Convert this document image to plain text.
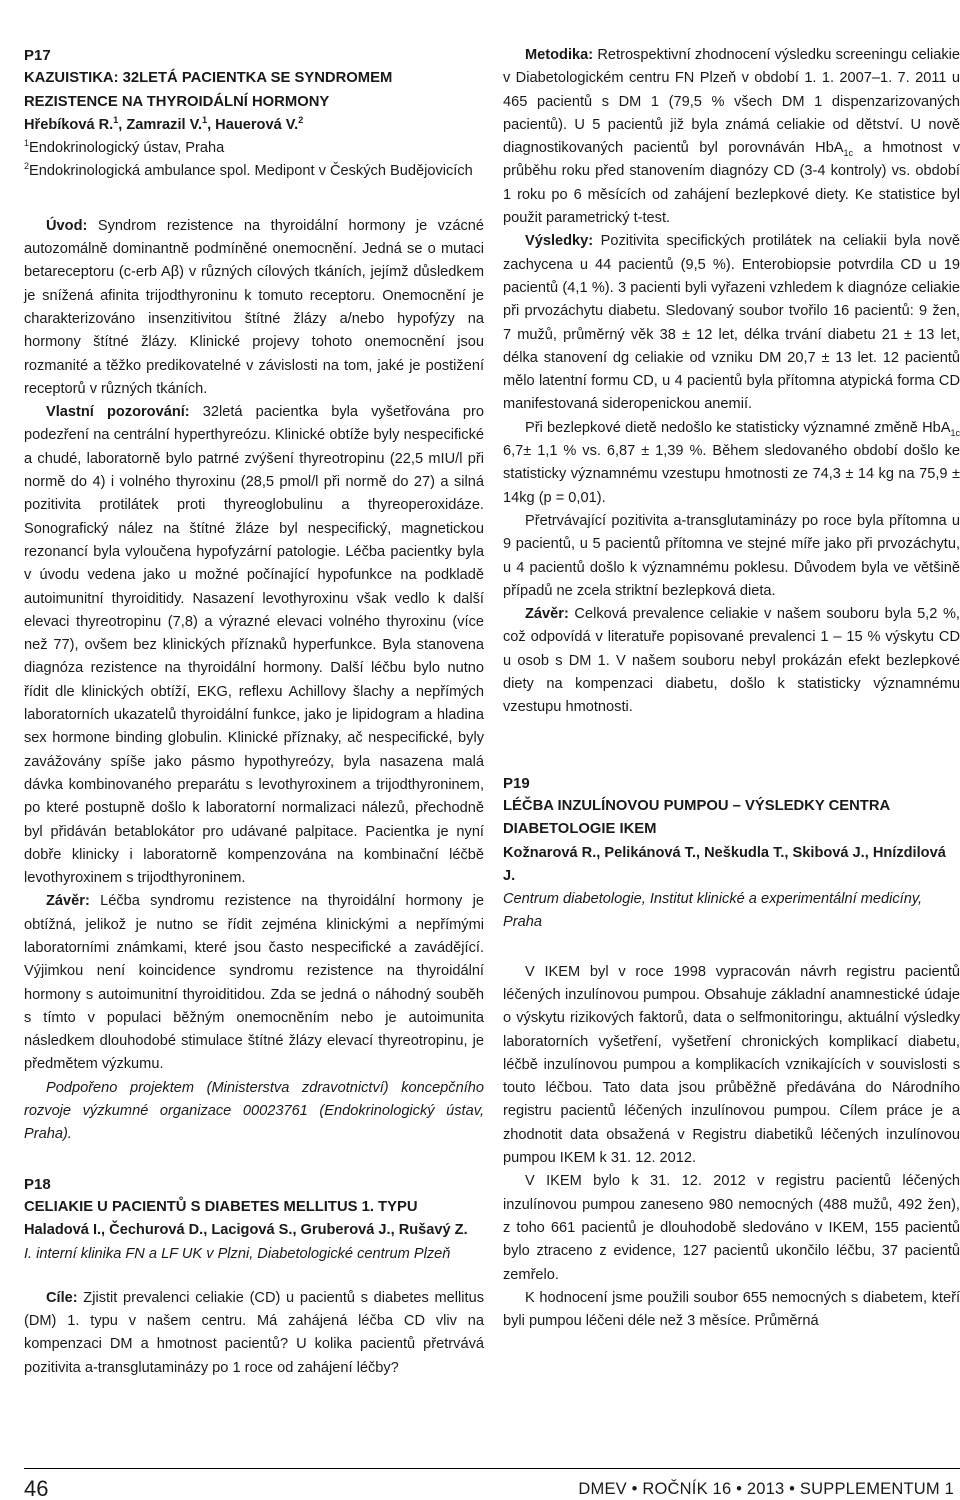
P17
KAZUISTIKA: 32LETÁ PACIENTKA SE SYNDROMEM REZISTENCE NA THYROIDÁLNÍ HORMONY
Hřebíková R.$^1$, Zamrazil V.$^1$, Hauerová V.$^2$
$^1$Endokrinologický ústav, Praha
$^2$Endokrinologická ambulance spol. Medipont v Českých Budějovicích

Úvod: Syndrom rezistence na thyroidální hormony je vzácné autozomálně dominantně podmíněné onemocnění. Jedná se o mutaci betareceptoru (c-erb Aβ) v různých cílových tkáních, jejímž důsledkem je snížená afinita trijodthyroninu k tomuto receptoru. Onemocnění je charakterizováno insenzitivitou štítné žlázy a/nebo hypofýzy na hormony štítné žlázy. Klinické projevy tohoto onemocnění jsou rozmanité a těžko predikovatelné v závislosti na tom, jaké je postižení receptorů v různých tkáních.

Vlastní pozorování: 32letá pacientka byla vyšetřována pro podezření na centrální hyperthyreózu. Klinické obtíže byly nespecifické a chudé, laboratorně bylo patrné zvýšení thyreotropinu (22,5 mIU/l při normě do 4) i volného thyroxinu (28,5 pmol/l při normě do 27) a silná pozitivita protilátek proti thyreoglobulinu a thyreoperoxidáze. Sonografický nález na štítné žláze byl nespecifický, magnetickou rezonancí byla vyloučena hypofyzární patologie. Léčba pacientky byla v úvodu vedena jako u možné počínající hypofunkce na podkladě autoimunitní thyroiditidy. Nasazení levothyroxinu však vedlo k další elevaci thyreotropinu (7,8) a výrazné elevaci volného thyroxinu (více než 77), ovšem bez klinických příznaků hyperfunkce. Byla stanovena diagnóza rezistence na thyroidální hormony. Další léčbu bylo nutno řídit dle klinických obtíží, EKG, reflexu Achillovy šlachy a nepřímých laboratorních ukazatelů thyroidální funkce, jako je lipidogram a hladina sex hormone binding globulin. Klinické příznaky, ač nespecifické, byly zavážovány spíše jako pásmo hypothyreózy, byla nasazena malá dávka kombinovaného preparátu s levothyroxinem a trijodthyroninem, po které postupně došlo k laboratorní normalizaci nálezů, přechodně byl přidáván betablokátor pro udávané palpitace. Pacientka je nyní dobře klinicky i laboratorně kompenzována na kombinační léčbě levothyroxinem s trijodthyroninem.

Závěr: Léčba syndromu rezistence na thyroidální hormony je obtížná, jelikož je nutno se řídit zejména klinickými a nepřímými laboratorními známkami, které jsou často nespecifické a zavádějící. Výjimkou není koincidence syndromu rezistence na thyroidální hormony s autoimunitní thyroiditidou. Zda se jedná o náhodný souběh s tímto v populaci běžným onemocněním nebo je autoimunita následkem dlouhodobé stimulace štítné žlázy elevací thyreotropinu, je předmětem výzkumu.

Podpořeno projektem (Ministerstva zdravotnictví) koncepčního rozvoje výzkumné organizace 00023761 (Endokrinologický ústav, Praha).

P18
CELIAKIE U PACIENTŮ S DIABETES MELLITUS 1. TYPU
Haladová I., Čechurová D., Lacigová S., Gruberová J., Rušavý Z.
I. interní klinika FN a LF UK v Plzni, Diabetologické centrum Plzeň

Cíle: Zjistit prevalenci celiakie (CD) u pacientů s diabetes mellitus (DM) 1. typu v našem centru. Má zahájená léčba CD vliv na kompenzaci DM a hmotnost pacientů? U kolika pacientů přetrvává pozitivita a-transglutaminázy po 1 roce od zahájení léčby?

Metodika: Retrospektivní zhodnocení výsledku screeningu celiakie v Diabetologickém centru FN Plzeň v období 1. 1. 2007–1. 7. 2011 u 465 pacientů s DM 1 (79,5 % všech DM 1 dispenzarizovaných pacientů). U 5 pacientů již byla známá celiakie od dětství. U nově diagnostikovaných pacientů byl porovnáván HbA$_{1c}$ a hmotnost v průběhu roku před stanovením diagnózy CD (3-4 kontroly) vs. období 1 roku po 6 měsících od zahájení bezlepkové diety. Ke statistice byl použit parametrický t-test.

Výsledky: Pozitivita specifických protilátek na celiakii byla nově zachycena u 44 pacientů (9,5 %). Enterobiopsie potvrdila CD u 19 pacientů (4,1 %). 3 pacienti byli vyřazeni vzhledem k diagnóze celiakie při prvozáchytu diabetu. Sledovaný soubor tvořilo 16 pacientů: 9 žen, 7 mužů, průměrný věk 38 ± 12 let, délka trvání diabetu 21 ± 13 let, délka stanovení dg celiakie od vzniku DM 20,7 ± 13 let. 12 pacientů mělo latentní formu CD, u 4 pacientů byla přítomna atypická forma CD manifestovaná sideropenickou anemií.

Při bezlepkové dietě nedošlo ke statisticky významné změně HbA$_{1c}$ 6,7± 1,1 % vs. 6,87 ± 1,39 %. Během sledovaného období došlo ke statisticky významnému vzestupu hmotnosti ze 74,3 ± 14 kg na 75,9 ± 14kg (p = 0,01).

Přetrvávající pozitivita a-transglutaminázy po roce byla přítomna u 9 pacientů, u 5 pacientů přítomna ve stejné míře jako při prvozáchytu, u 4 pacientů došlo k významnému poklesu. Důvodem byla ve většině případů ne zcela striktní bezlepková dieta.

Závěr: Celková prevalence celiakie v našem souboru byla 5,2 %, což odpovídá v literatuře popisované prevalenci 1 – 15 % výskytu CD u osob s DM 1. V našem souboru nebyl prokázán efekt bezlepkové diety na kompenzaci diabetu, došlo k statisticky významnému vzestupu hmotnosti.

P19
LÉČBA INZULÍNOVOU PUMPOU – VÝSLEDKY CENTRA DIABETOLOGIE IKEM
Kožnarová R., Pelikánová T., Neškudla T., Skibová J., Hnízdilová J.
Centrum diabetologie, Institut klinické a experimentální medicíny, Praha

V IKEM byl v roce 1998 vypracován návrh registru pacientů léčených inzulínovou pumpou. Obsahuje základní anamnestické údaje o výskytu rizikových faktorů, data o selfmonitoringu, aktuální výsledky laboratorních vyšetření, vyšetření chronických komplikací diabetu, léčbě inzulínovou pumpou a komplikacích vznikajících v souvislosti s touto léčbou. Tato data jsou průběžně předávána do Národního registru pacientů léčených inzulínovou pumpou. Cílem práce je a zhodnotit data obsažená v Registru diabetiků léčených inzulínovou pumpou IKEM k 31. 12. 2012.

V IKEM bylo k 31. 12. 2012 v registru pacientů léčených inzulínovou pumpou zaneseno 980 nemocných (488 mužů, 492 žen), z toho 661 pacientů je dlouhodobě sledováno v IKEM, 155 pacientů bylo ztraceno z evidence, 127 pacientů ukončilo léčbu, 37 pacientů zemřelo.

K hodnocení jsme použili soubor 655 nemocných s diabetem, kteří byli pumpou léčeni déle než 3 měsíce. Průměrná

46	DMEV • ROČNÍK 16 • 2013 • SUPPLEMENTUM 1
